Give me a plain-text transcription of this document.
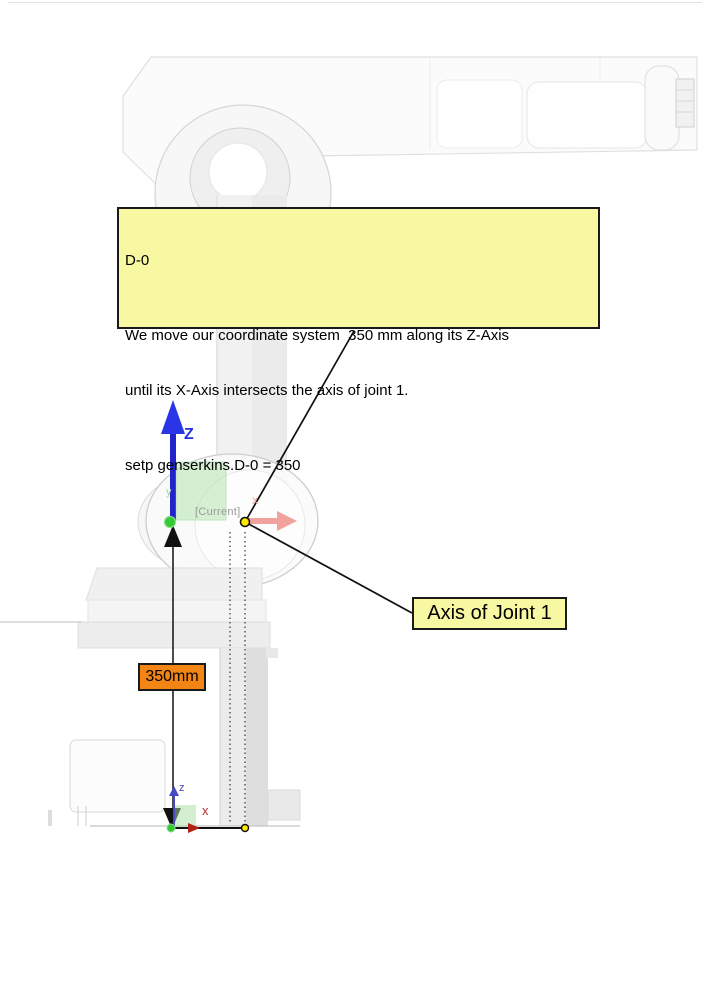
D-0

We move our coordinate system  350 mm along its Z-Axis

until its X-Axis intersects the axis of joint 1.

setp genserkins.D-0 = 350

Axis of Joint 1
350mm
[Current]
Z
x
y
z
x
